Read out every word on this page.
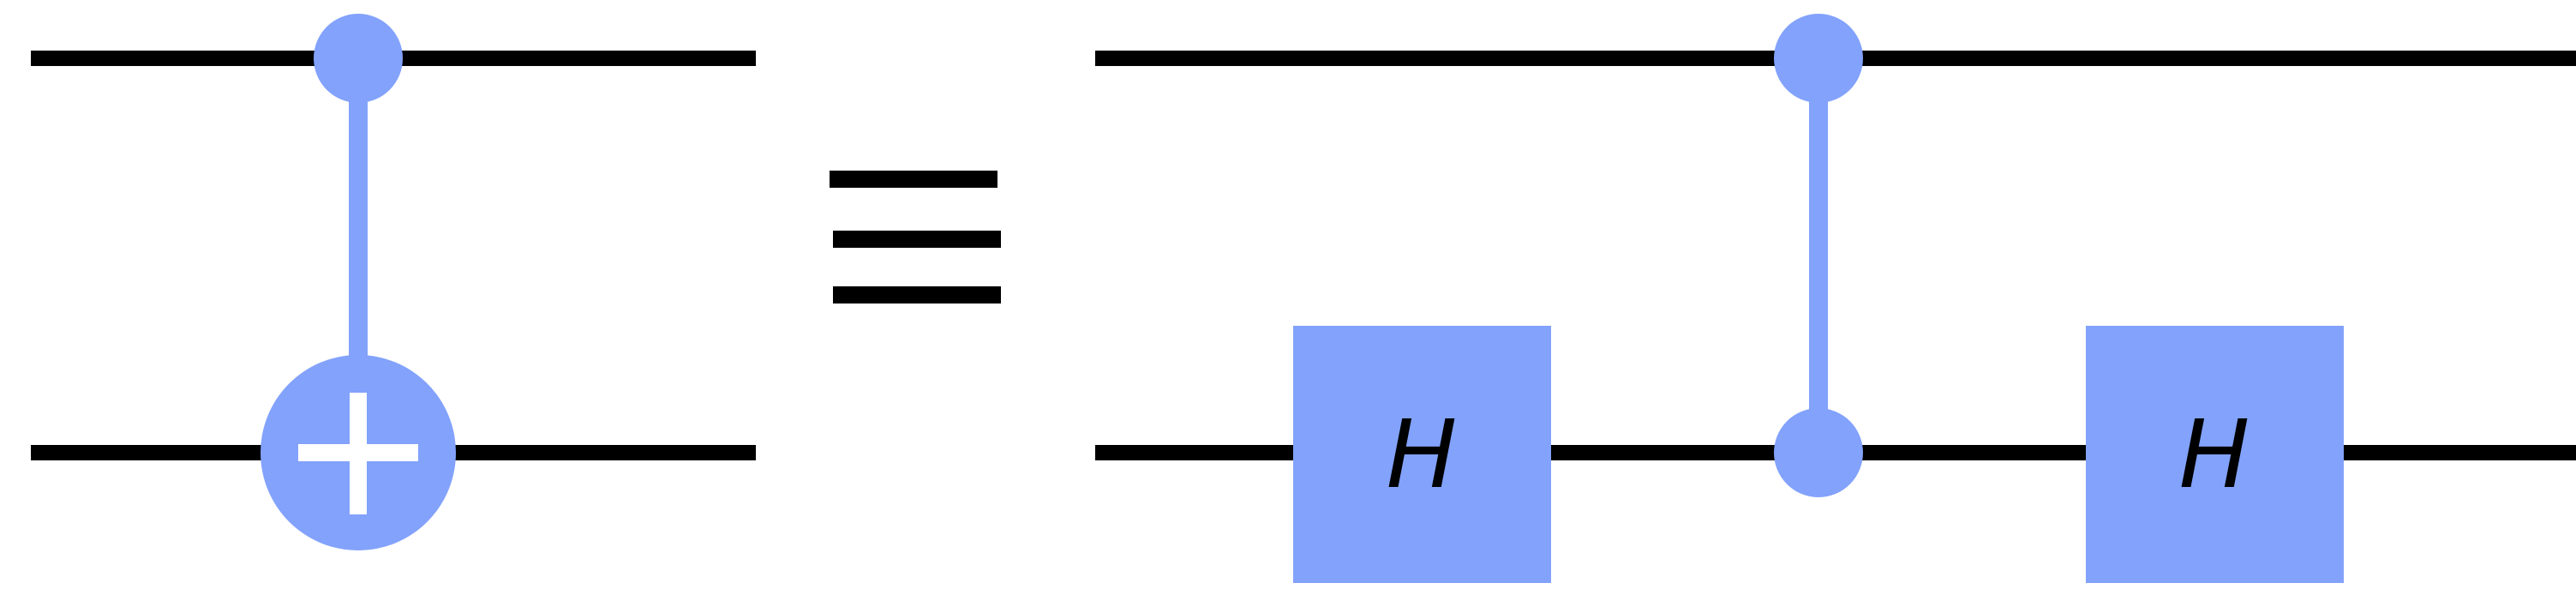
H	H
